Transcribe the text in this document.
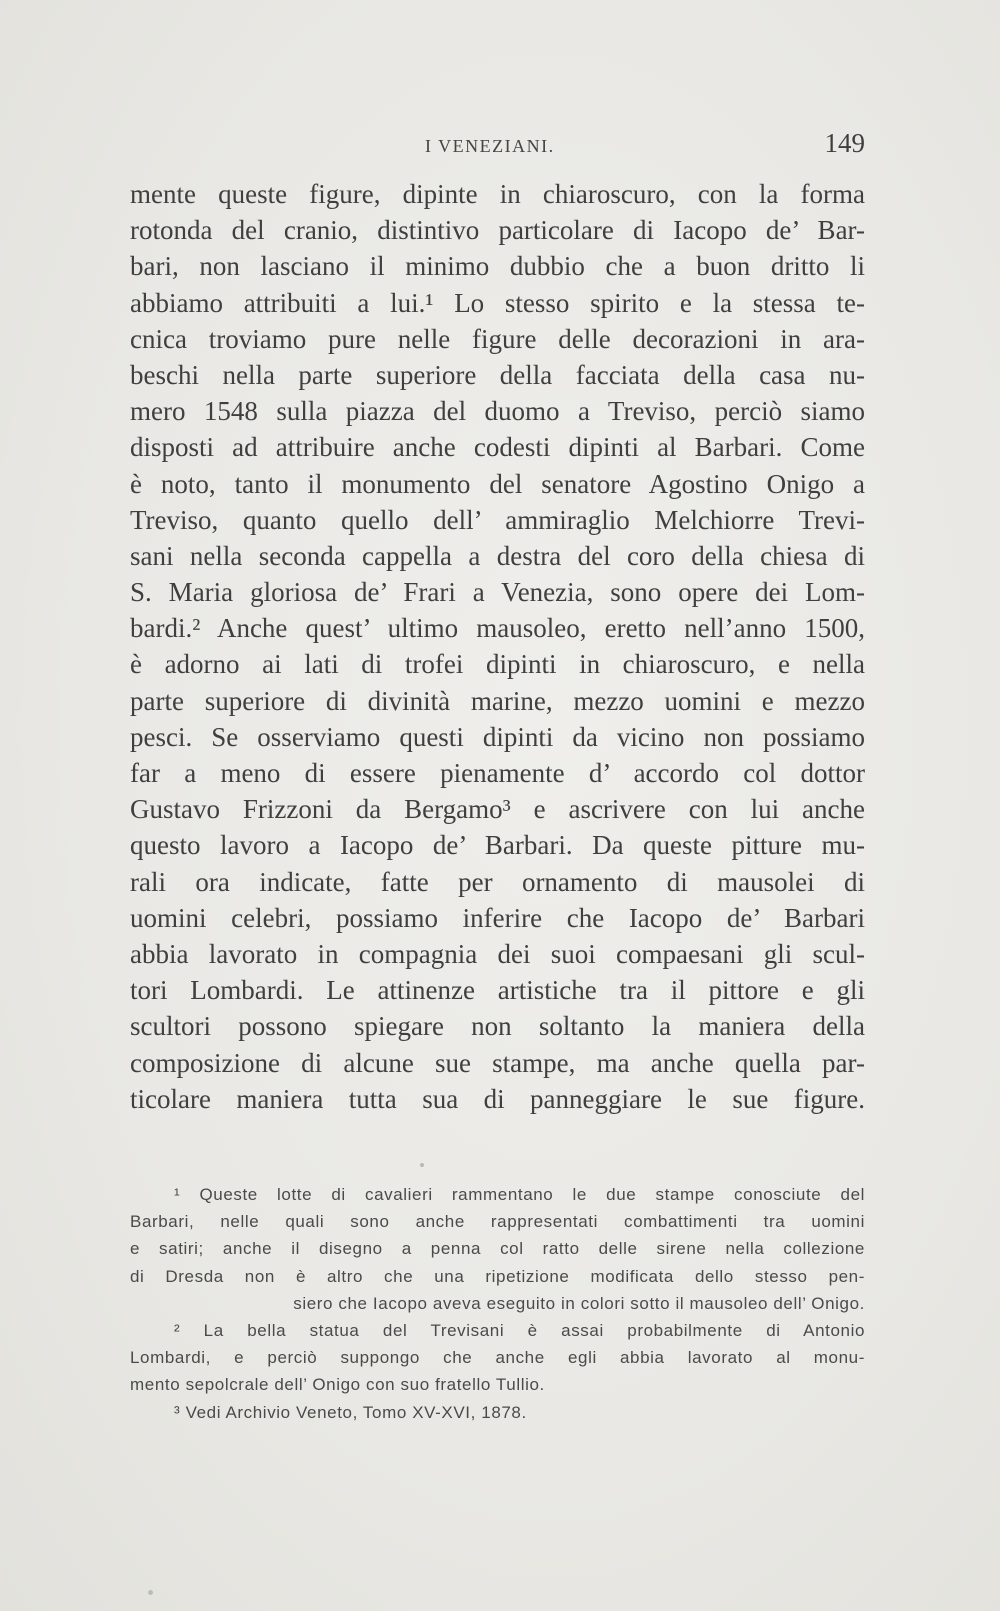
I VENEZIANI.	149
mente queste figure, dipinte in chiaroscuro, con la forma
rotonda del cranio, distintivo particolare di Iacopo de’ Bar-
bari, non lasciano il minimo dubbio che a buon dritto li
abbiamo attribuiti a lui.¹ Lo stesso spirito e la stessa te-
cnica troviamo pure nelle figure delle decorazioni in ara-
beschi nella parte superiore della facciata della casa nu-
mero 1548 sulla piazza del duomo a Treviso, perciò siamo
disposti ad attribuire anche codesti dipinti al Barbari. Come
è noto, tanto il monumento del senatore Agostino Onigo a
Treviso, quanto quello dell’ ammiraglio Melchiorre Trevi-
sani nella seconda cappella a destra del coro della chiesa di
S. Maria gloriosa de’ Frari a Venezia, sono opere dei Lom-
bardi.² Anche quest’ ultimo mausoleo, eretto nell’anno 1500,
è adorno ai lati di trofei dipinti in chiaroscuro, e nella
parte superiore di divinità marine, mezzo uomini e mezzo
pesci. Se osserviamo questi dipinti da vicino non possiamo
far a meno di essere pienamente d’ accordo col dottor
Gustavo Frizzoni da Bergamo³ e ascrivere con lui anche
questo lavoro a Iacopo de’ Barbari. Da queste pitture mu-
rali ora indicate, fatte per ornamento di mausolei di
uomini celebri, possiamo inferire che Iacopo de’ Barbari
abbia lavorato in compagnia dei suoi compaesani gli scul-
tori Lombardi. Le attinenze artistiche tra il pittore e gli
scultori possono spiegare non soltanto la maniera della
composizione di alcune sue stampe, ma anche quella par-
ticolare maniera tutta sua di panneggiare le sue figure.
¹ Queste lotte di cavalieri rammentano le due stampe conosciute del
Barbari, nelle quali sono anche rappresentati combattimenti tra uomini
e satiri; anche il disegno a penna col ratto delle sirene nella collezione
di Dresda non è altro che una ripetizione modificata dello stesso pen-
siero che Iacopo aveva eseguito in colori sotto il mausoleo dell’ Onigo.
² La bella statua del Trevisani è assai probabilmente di Antonio
Lombardi, e perciò suppongo che anche egli abbia lavorato al monu-
mento sepolcrale dell’ Onigo con suo fratello Tullio.
³ Vedi Archivio Veneto, Tomo XV-XVI, 1878.
